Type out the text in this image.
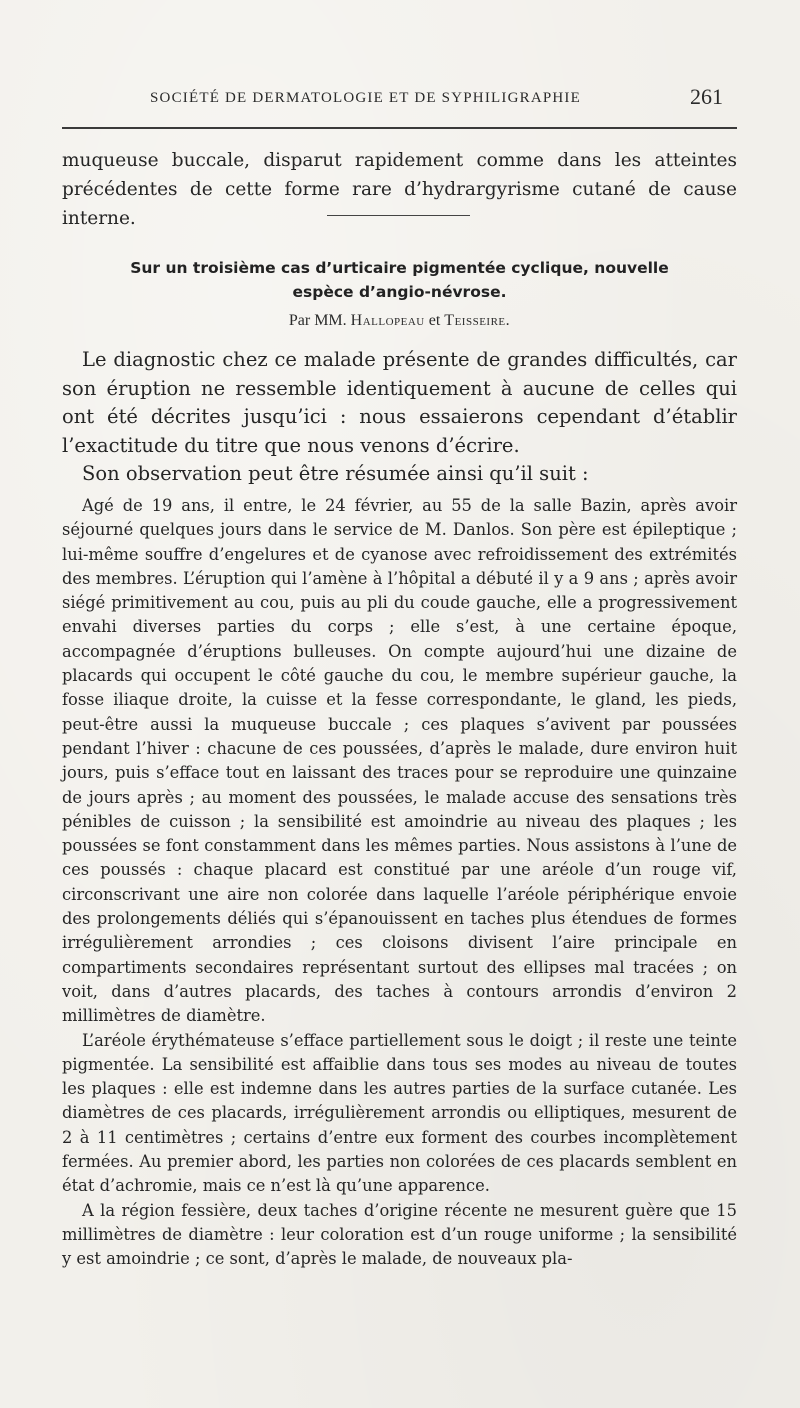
SOCIÉTÉ DE DERMATOLOGIE ET DE SYPHILIGRAPHIE	261

muqueuse buccale, disparut rapidement comme dans les atteintes précédentes de cette forme rare d’hydrargyrisme cutané de cause interne.

Sur un troisième cas d’urticaire pigmentée cyclique, nouvelle
espèce d’angio-névrose.
Par MM. Hallopeau et Teisseire.

Le diagnostic chez ce malade présente de grandes difficultés, car son éruption ne ressemble identiquement à aucune de celles qui ont été décrites jusqu’ici : nous essaierons cependant d’établir l’exactitude du titre que nous venons d’écrire.

Son observation peut être résumée ainsi qu’il suit :

Agé de 19 ans, il entre, le 24 février, au 55 de la salle Bazin, après avoir séjourné quelques jours dans le service de M. Danlos. Son père est épileptique ; lui-même souffre d’engelures et de cyanose avec refroidissement des extrémités des membres. L’éruption qui l’amène à l’hôpital a débuté il y a 9 ans ; après avoir siégé primitivement au cou, puis au pli du coude gauche, elle a progressivement envahi diverses parties du corps ; elle s’est, à une certaine époque, accompagnée d’éruptions bulleuses. On compte aujourd’hui une dizaine de placards qui occupent le côté gauche du cou, le membre supérieur gauche, la fosse iliaque droite, la cuisse et la fesse correspondante, le gland, les pieds, peut-être aussi la muqueuse buccale ; ces plaques s’avivent par poussées pendant l’hiver : chacune de ces poussées, d’après le malade, dure environ huit jours, puis s’efface tout en laissant des traces pour se reproduire une quinzaine de jours après ; au moment des poussées, le malade accuse des sensations très pénibles de cuisson ; la sensibilité est amoindrie au niveau des plaques ; les poussées se font constamment dans les mêmes parties. Nous assistons à l’une de ces poussés : chaque placard est constitué par une aréole d’un rouge vif, circonscrivant une aire non colorée dans laquelle l’aréole périphérique envoie des prolongements déliés qui s’épanouissent en taches plus étendues de formes irrégulièrement arrondies ; ces cloisons divisent l’aire principale en compartiments secondaires représentant surtout des ellipses mal tracées ; on voit, dans d’autres placards, des taches à contours arrondis d’environ 2 millimètres de diamètre.

L’aréole érythémateuse s’efface partiellement sous le doigt ; il reste une teinte pigmentée. La sensibilité est affaiblie dans tous ses modes au niveau de toutes les plaques : elle est indemne dans les autres parties de la surface cutanée. Les diamètres de ces placards, irrégulièrement arrondis ou elliptiques, mesurent de 2 à 11 centimètres ; certains d’entre eux forment des courbes incomplètement fermées. Au premier abord, les parties non colorées de ces placards semblent en état d’achromie, mais ce n’est là qu’une apparence.

A la région fessière, deux taches d’origine récente ne mesurent guère que 15 millimètres de diamètre : leur coloration est d’un rouge uniforme ; la sensibilité y est amoindrie ; ce sont, d’après le malade, de nouveaux pla-
